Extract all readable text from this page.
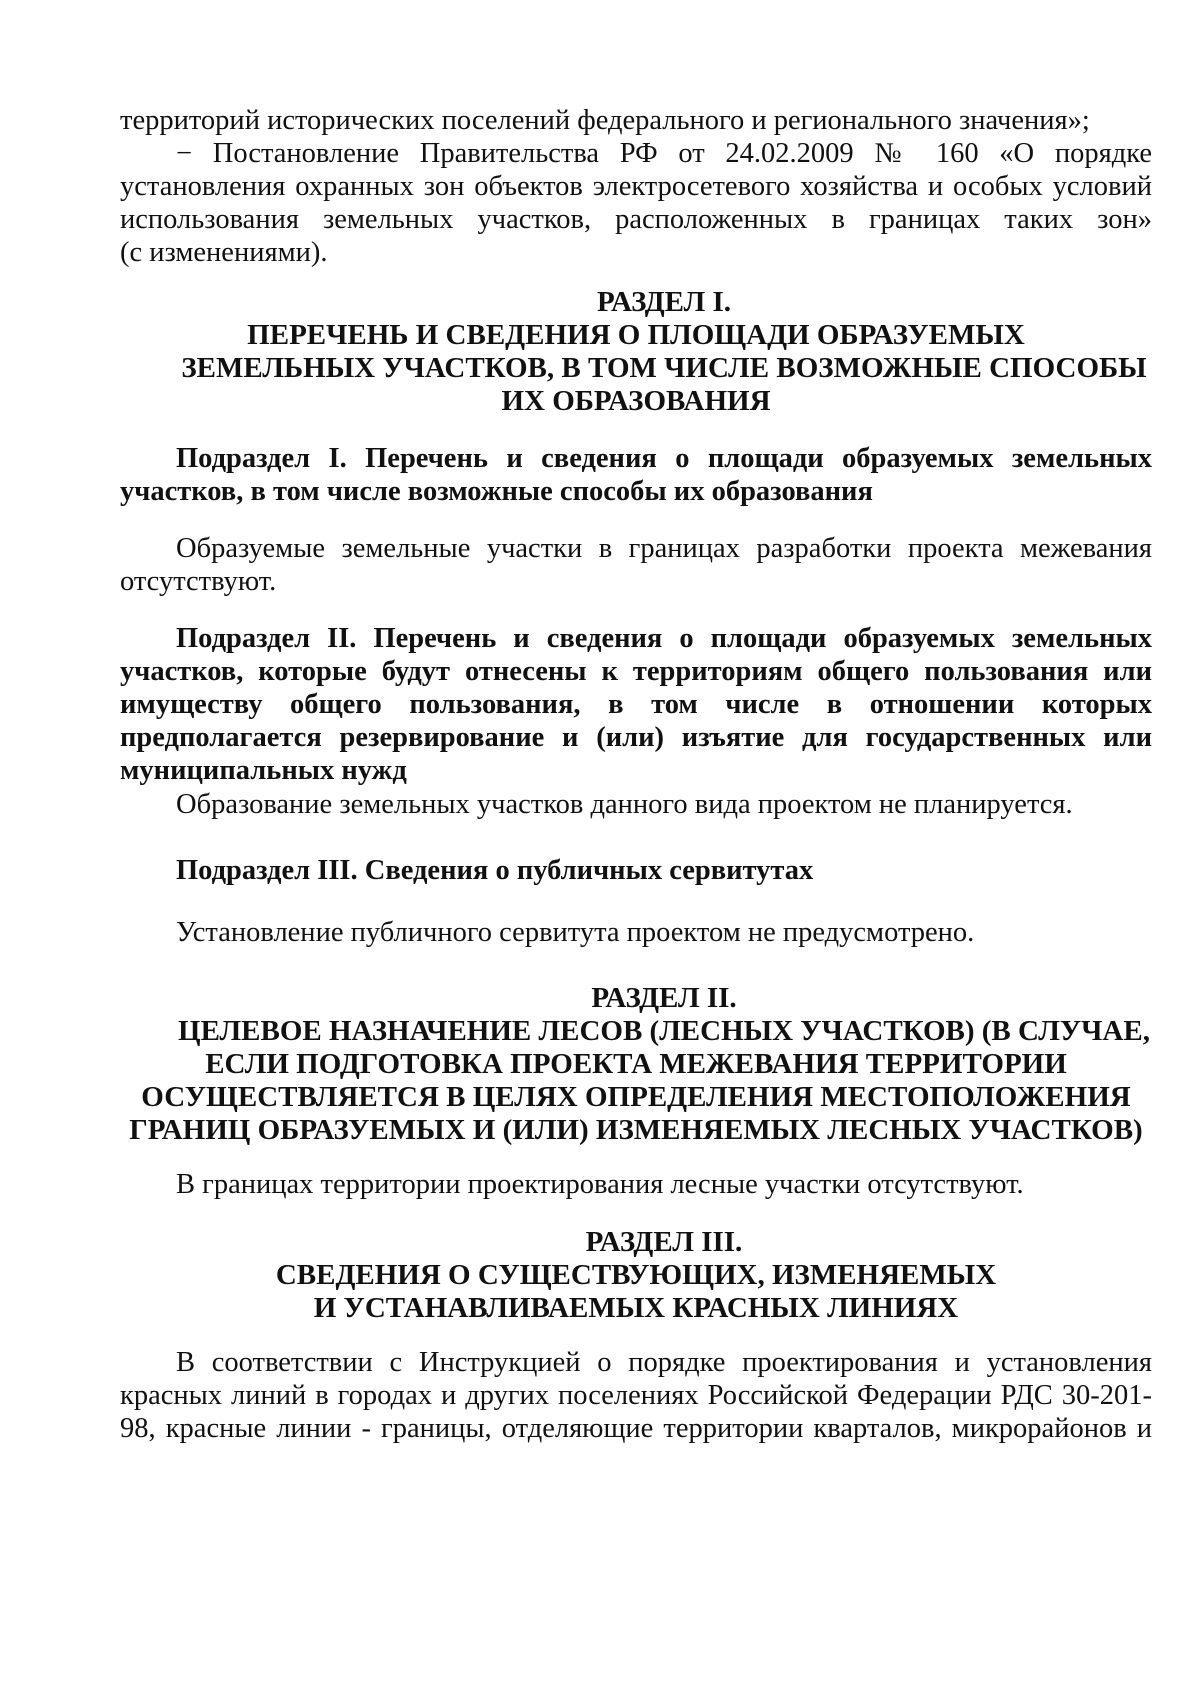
территорий исторических поселений федерального и регионального значения»;
− Постановление Правительства РФ от 24.02.2009 № 160 «О порядке
установления охранных зон объектов электросетевого хозяйства и особых условий
использования земельных участков, расположенных в границах таких зон»
(с изменениями).
РАЗДЕЛ I.
ПЕРЕЧЕНЬ И СВЕДЕНИЯ О ПЛОЩАДИ ОБРАЗУЕМЫХ
ЗЕМЕЛЬНЫХ УЧАСТКОВ, В ТОМ ЧИСЛЕ ВОЗМОЖНЫЕ СПОСОБЫ
ИХ ОБРАЗОВАНИЯ
Подраздел I. Перечень и сведения о площади образуемых земельных
участков, в том числе возможные способы их образования
Образуемые земельные участки в границах разработки проекта межевания
отсутствуют.
Подраздел II. Перечень и сведения о площади образуемых земельных
участков, которые будут отнесены к территориям общего пользования или
имуществу общего пользования, в том числе в отношении которых
предполагается резервирование и (или) изъятие для государственных или
муниципальных нужд
Образование земельных участков данного вида проектом не планируется.
Подраздел III. Сведения о публичных сервитутах
Установление публичного сервитута проектом не предусмотрено.
РАЗДЕЛ II.
ЦЕЛЕВОЕ НАЗНАЧЕНИЕ ЛЕСОВ (ЛЕСНЫХ УЧАСТКОВ) (В СЛУЧАЕ,
ЕСЛИ ПОДГОТОВКА ПРОЕКТА МЕЖЕВАНИЯ ТЕРРИТОРИИ
ОСУЩЕСТВЛЯЕТСЯ В ЦЕЛЯХ ОПРЕДЕЛЕНИЯ МЕСТОПОЛОЖЕНИЯ
ГРАНИЦ ОБРАЗУЕМЫХ И (ИЛИ) ИЗМЕНЯЕМЫХ ЛЕСНЫХ УЧАСТКОВ)
В границах территории проектирования лесные участки отсутствуют.
РАЗДЕЛ III.
СВЕДЕНИЯ О СУЩЕСТВУЮЩИХ, ИЗМЕНЯЕМЫХ
И УСТАНАВЛИВАЕМЫХ КРАСНЫХ ЛИНИЯХ
В соответствии с Инструкцией о порядке проектирования и установления
красных линий в городах и других поселениях Российской Федерации РДС 30-201-
98, красные линии - границы, отделяющие территории кварталов, микрорайонов и
